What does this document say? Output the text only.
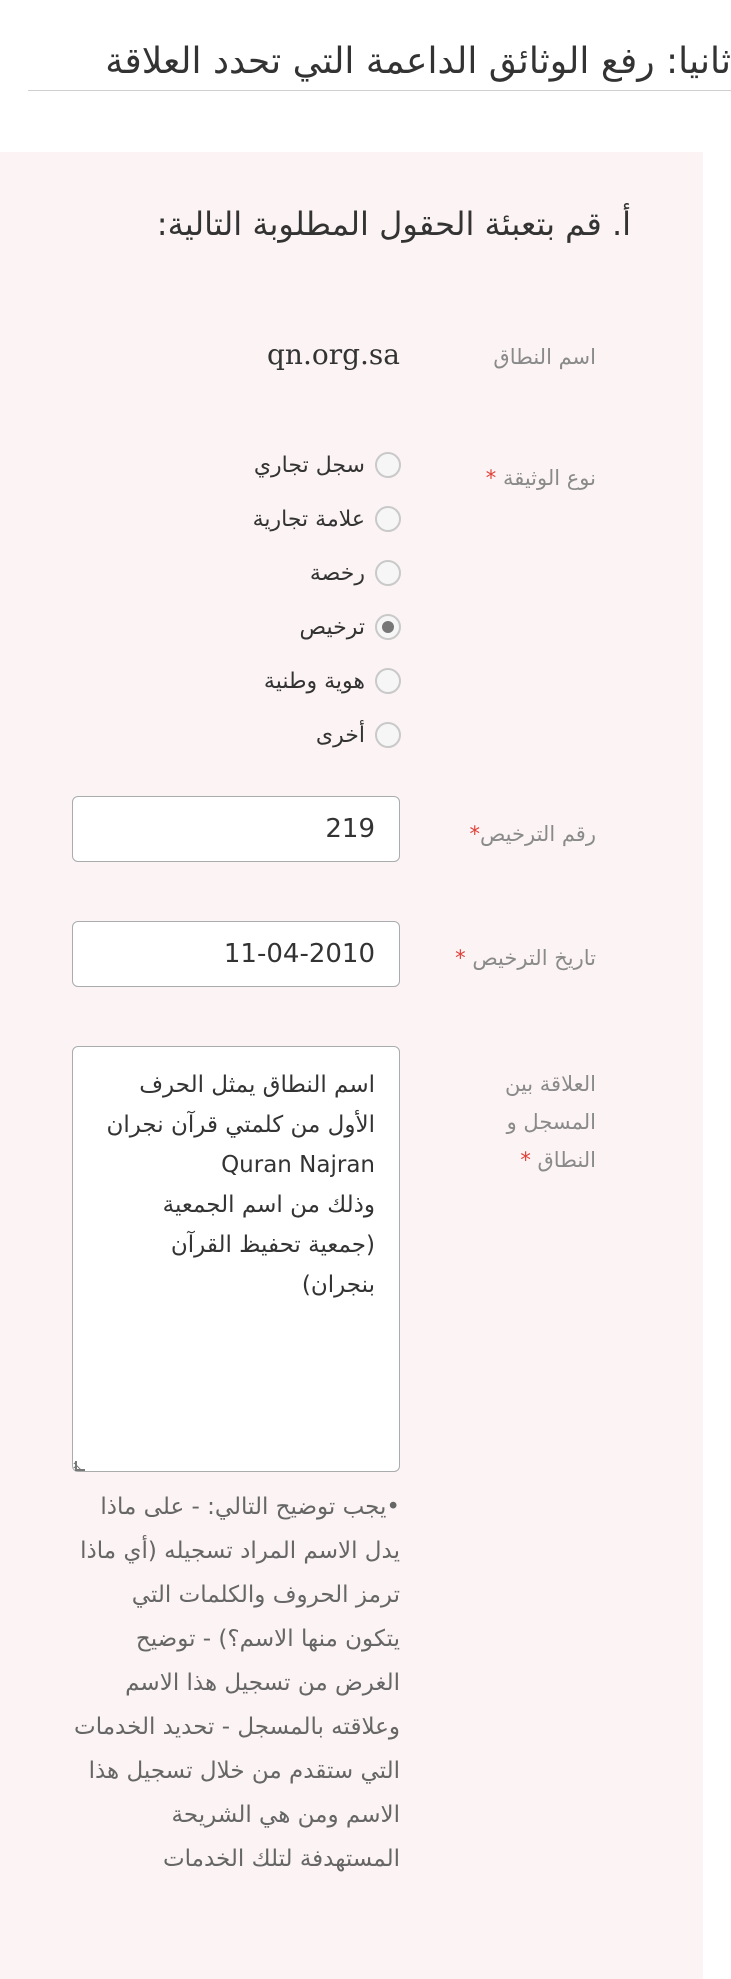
ثانيا: رفع الوثائق الداعمة التي تحدد العلاقة
أ. قم بتعبئة الحقول المطلوبة التالية:
اسم النطاق
qn.org.sa
نوع الوثيقة *
سجل تجاري
علامة تجارية
رخصة
ترخيص
هوية وطنية
أخرى
رقم الترخيص*
219
تاريخ الترخيص *
11-04-2010
العلاقة بين المسجل و النطاق *
اسم النطاق يمثل الحرف الأول من كلمتي قرآن نجران Quran Najran وذلك من اسم الجمعية (جمعية تحفيظ القرآن بنجران)
•يجب توضيح التالي: - على ماذا يدل الاسم المراد تسجيله (أي ماذا ترمز الحروف والكلمات التي يتكون منها الاسم؟) - توضيح الغرض من تسجيل هذا الاسم وعلاقته بالمسجل - تحديد الخدمات التي ستقدم من خلال تسجيل هذا الاسم ومن هي الشريحة المستهدفة لتلك الخدمات
